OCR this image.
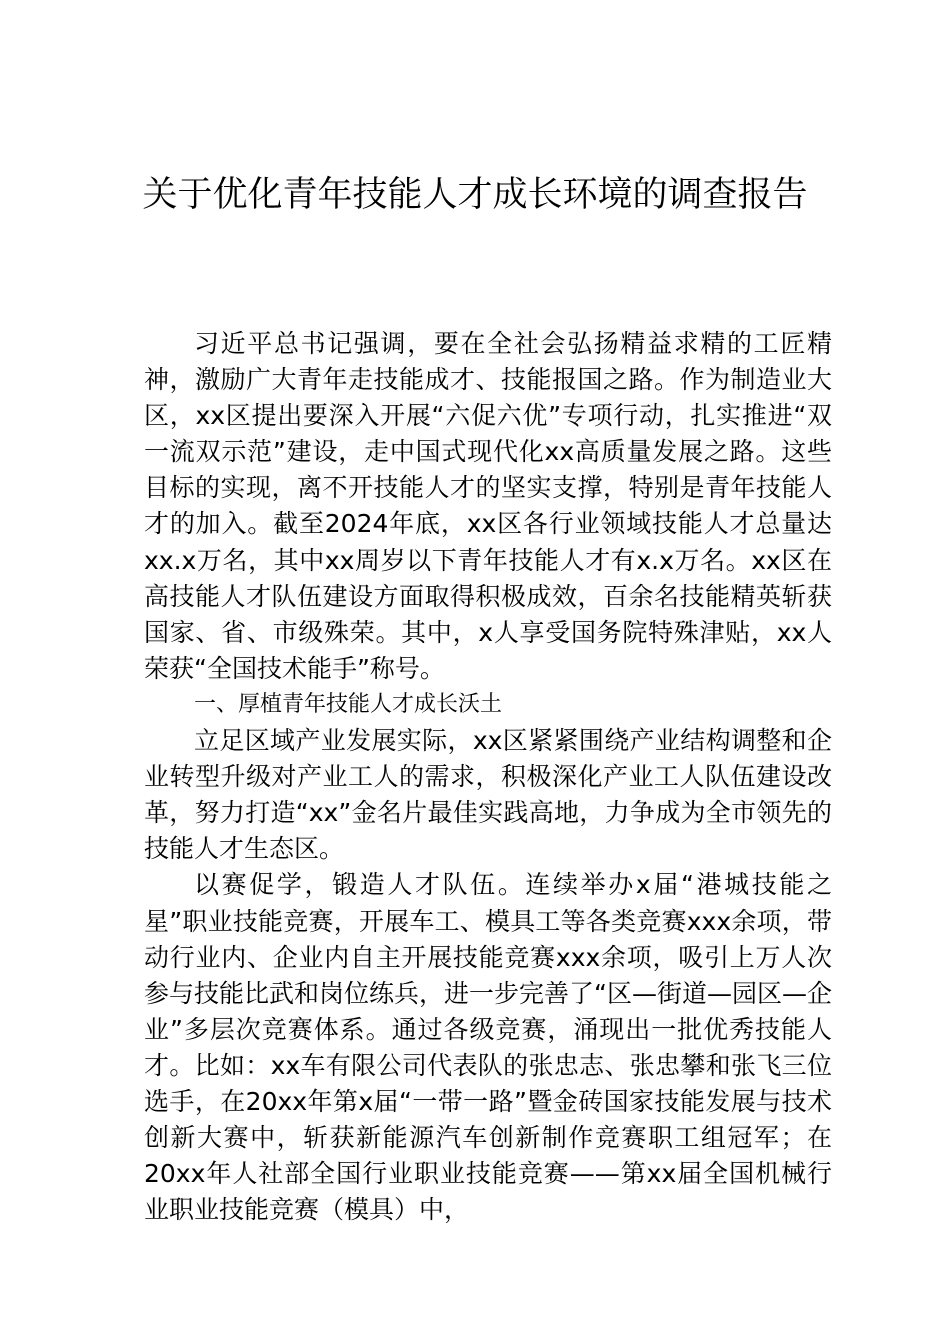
关于优化青年技能人才成长环境的调查报告

习近平总书记强调，要在全社会弘扬精益求精的工匠精神，激励广大青年走技能成才、技能报国之路。作为制造业大区，xx区提出要深入开展“六促六优”专项行动，扎实推进“双一流双示范”建设，走中国式现代化xx高质量发展之路。这些目标的实现，离不开技能人才的坚实支撑，特别是青年技能人才的加入。截至2024年底，xx区各行业领域技能人才总量达xx.x万名，其中xx周岁以下青年技能人才有x.x万名。xx区在高技能人才队伍建设方面取得积极成效，百余名技能精英斩获国家、省、市级殊荣。其中，x人享受国务院特殊津贴，xx人荣获“全国技术能手”称号。

一、厚植青年技能人才成长沃土

立足区域产业发展实际，xx区紧紧围绕产业结构调整和企业转型升级对产业工人的需求，积极深化产业工人队伍建设改革，努力打造“xx”金名片最佳实践高地，力争成为全市领先的技能人才生态区。

以赛促学，锻造人才队伍。连续举办x届“港城技能之星”职业技能竞赛，开展车工、模具工等各类竞赛xxx余项，带动行业内、企业内自主开展技能竞赛xxx余项，吸引上万人次参与技能比武和岗位练兵，进一步完善了“区—街道—园区—企业”多层次竞赛体系。通过各级竞赛，涌现出一批优秀技能人才。比如：xx车有限公司代表队的张忠志、张忠攀和张飞三位选手，在20xx年第x届“一带一路”暨金砖国家技能发展与技术创新大赛中，斩获新能源汽车创新制作竞赛职工组冠军；在20xx年人社部全国行业职业技能竞赛——第xx届全国机械行业职业技能竞赛（模具）中，
